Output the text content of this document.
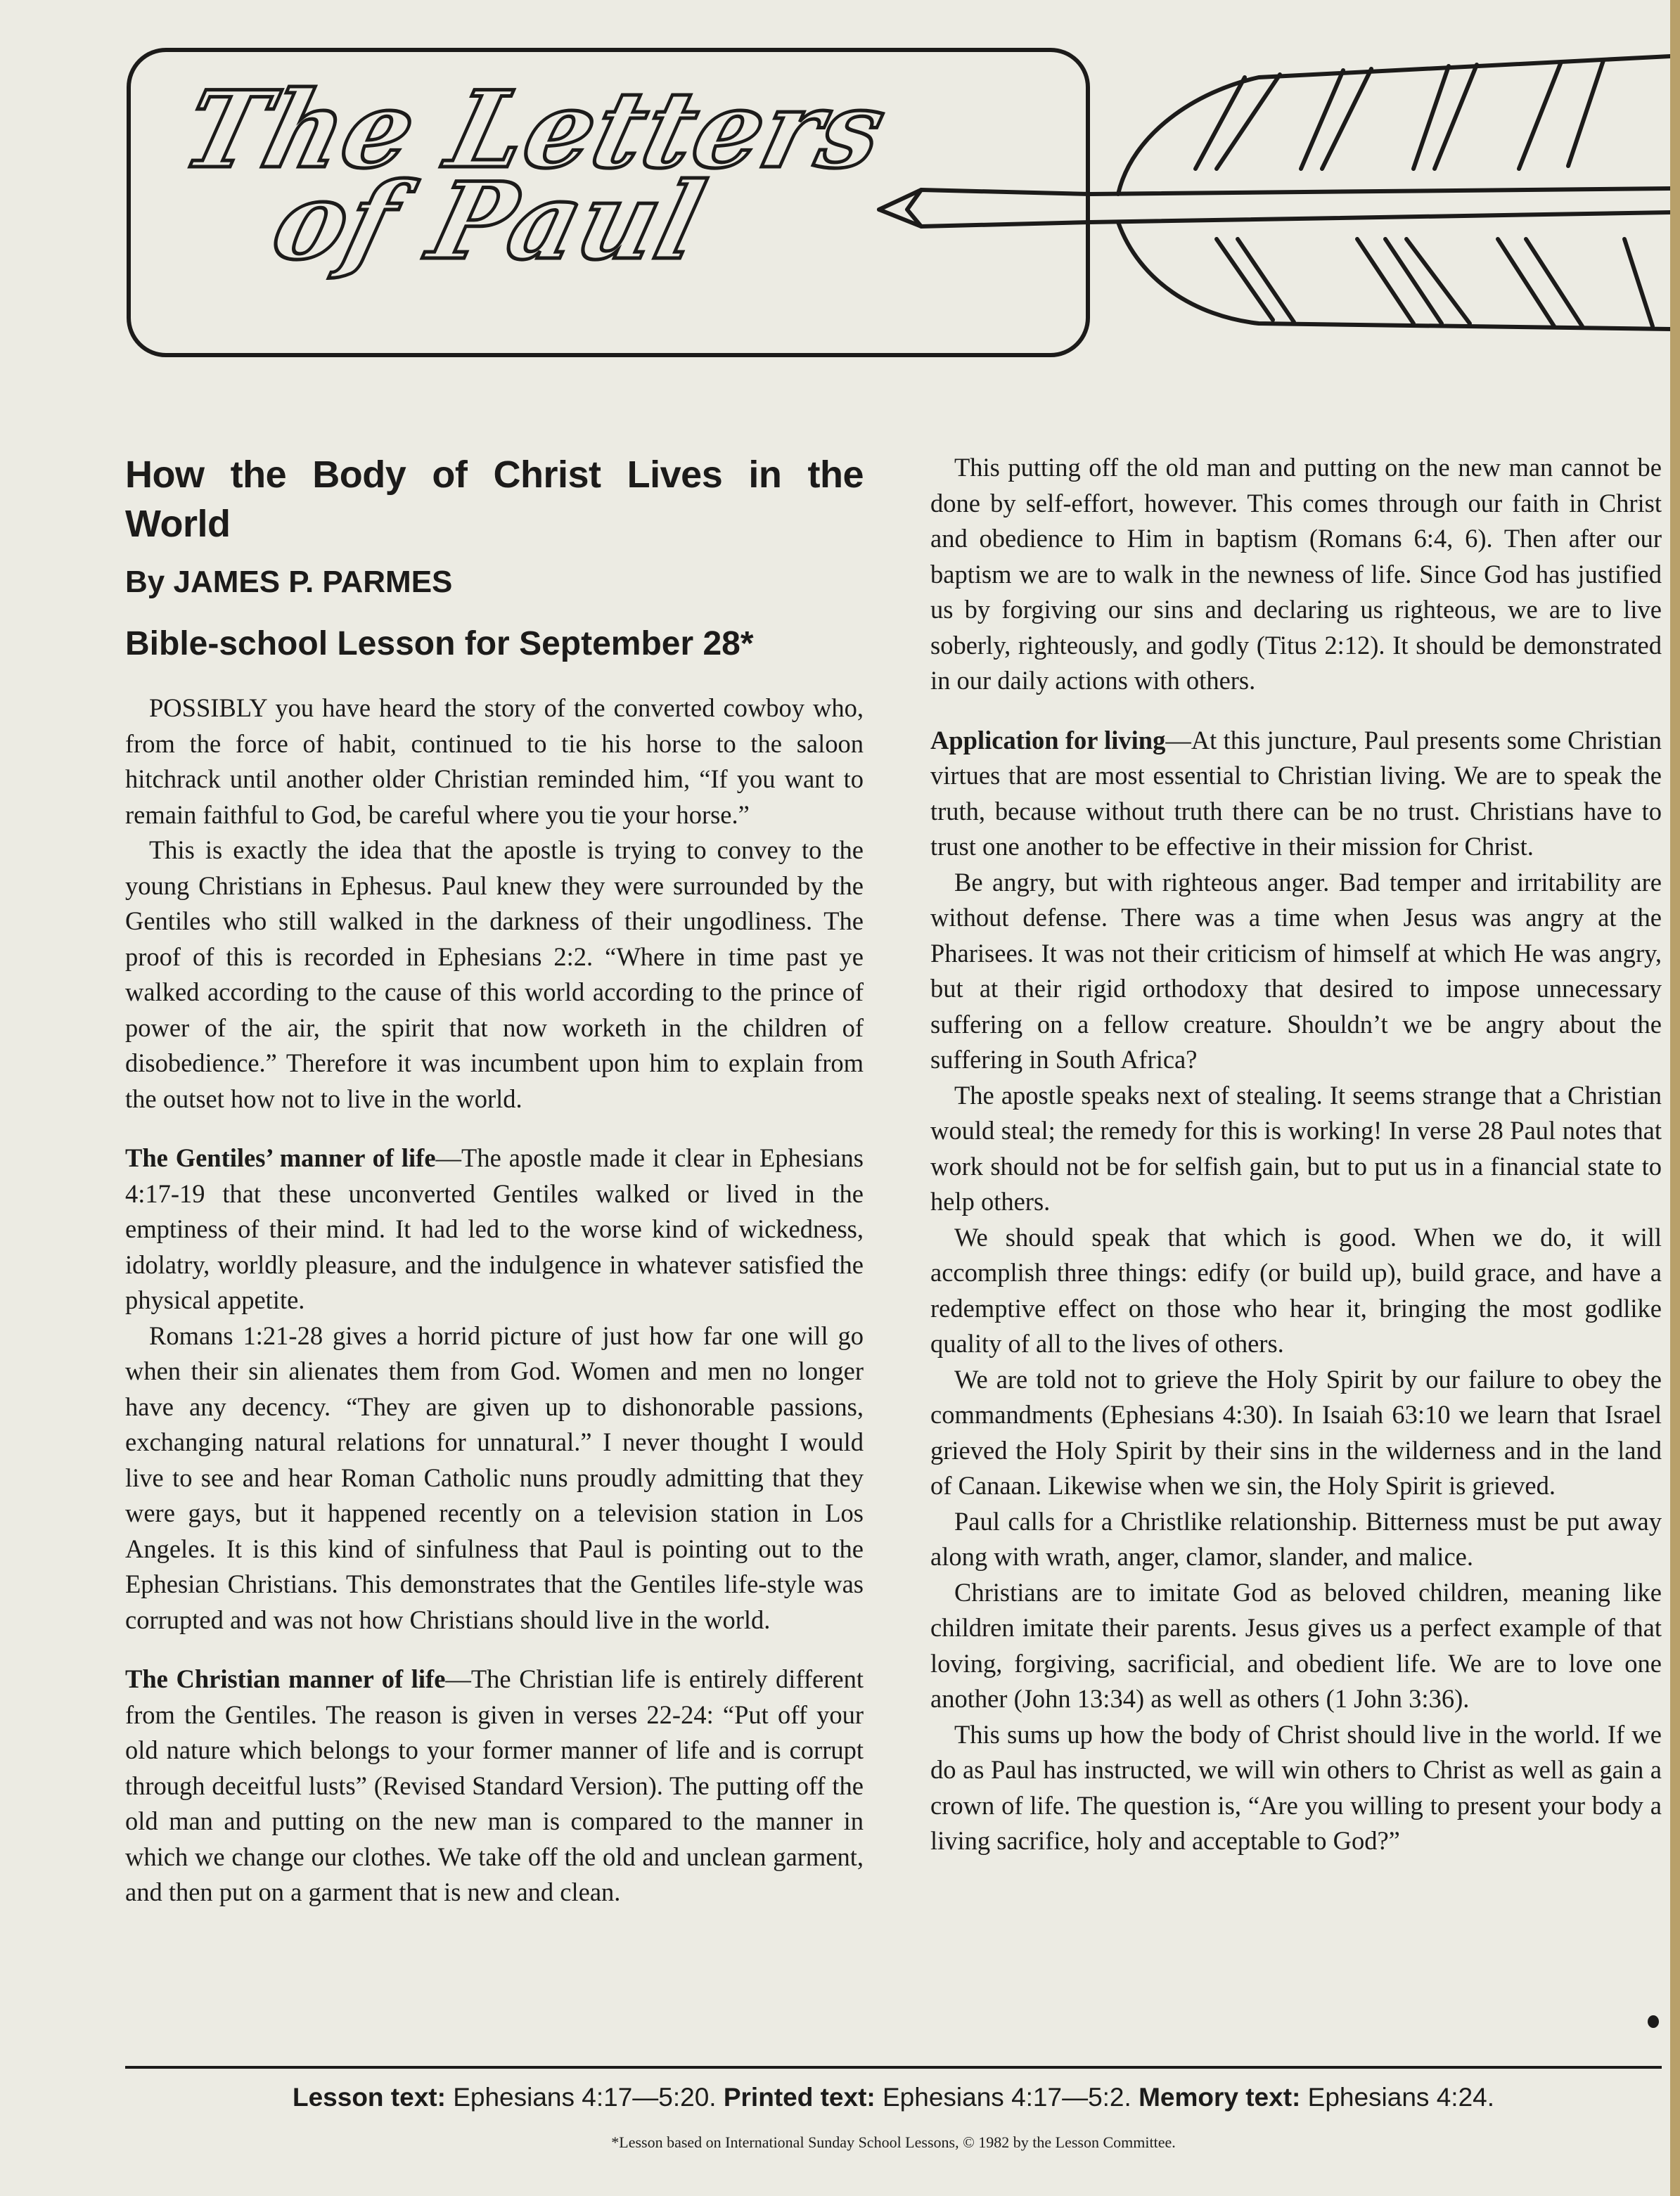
The Letters
of Paul
How the Body of Christ Lives in the World
By JAMES P. PARMES
Bible-school Lesson for September 28*

POSSIBLY you have heard the story of the converted cowboy who, from the force of habit, continued to tie his horse to the saloon hitchrack until another older Christian reminded him, “If you want to remain faithful to God, be careful where you tie your horse.”

This is exactly the idea that the apostle is trying to convey to the young Christians in Ephesus. Paul knew they were surrounded by the Gentiles who still walked in the darkness of their ungodliness. The proof of this is recorded in Ephesians 2:2. “Where in time past ye walked according to the cause of this world according to the prince of power of the air, the spirit that now worketh in the children of disobedience.” Therefore it was incumbent upon him to explain from the outset how not to live in the world.

The Gentiles’ manner of life—The apostle made it clear in Ephesians 4:17-19 that these unconverted Gentiles walked or lived in the emptiness of their mind. It had led to the worse kind of wickedness, idolatry, worldly pleasure, and the indulgence in whatever satisfied the physical appetite.

Romans 1:21-28 gives a horrid picture of just how far one will go when their sin alienates them from God. Women and men no longer have any decency. “They are given up to dishonorable passions, exchanging natural relations for unnatural.” I never thought I would live to see and hear Roman Catholic nuns proudly admitting that they were gays, but it happened recently on a television station in Los Angeles. It is this kind of sinfulness that Paul is pointing out to the Ephesian Christians. This demonstrates that the Gentiles life-style was corrupted and was not how Christians should live in the world.

The Christian manner of life—The Christian life is entirely different from the Gentiles. The reason is given in verses 22-24: “Put off your old nature which belongs to your former manner of life and is corrupt through deceitful lusts” (Revised Standard Version). The putting off the old man and putting on the new man is compared to the manner in which we change our clothes. We take off the old and unclean garment, and then put on a garment that is new and clean.

This putting off the old man and putting on the new man cannot be done by self-effort, however. This comes through our faith in Christ and obedience to Him in baptism (Romans 6:4, 6). Then after our baptism we are to walk in the newness of life. Since God has justified us by forgiving our sins and declaring us righteous, we are to live soberly, righteously, and godly (Titus 2:12). It should be demonstrated in our daily actions with others.

Application for living—At this juncture, Paul presents some Christian virtues that are most essential to Christian living. We are to speak the truth, because without truth there can be no trust. Christians have to trust one another to be effective in their mission for Christ.

Be angry, but with righteous anger. Bad temper and irritability are without defense. There was a time when Jesus was angry at the Pharisees. It was not their criticism of himself at which He was angry, but at their rigid orthodoxy that desired to impose unnecessary suffering on a fellow creature. Shouldn’t we be angry about the suffering in South Africa?

The apostle speaks next of stealing. It seems strange that a Christian would steal; the remedy for this is working! In verse 28 Paul notes that work should not be for selfish gain, but to put us in a financial state to help others.

We should speak that which is good. When we do, it will accomplish three things: edify (or build up), build grace, and have a redemptive effect on those who hear it, bringing the most godlike quality of all to the lives of others.

We are told not to grieve the Holy Spirit by our failure to obey the commandments (Ephesians 4:30). In Isaiah 63:10 we learn that Israel grieved the Holy Spirit by their sins in the wilderness and in the land of Canaan. Likewise when we sin, the Holy Spirit is grieved.

Paul calls for a Christlike relationship. Bitterness must be put away along with wrath, anger, clamor, slander, and malice.

Christians are to imitate God as beloved children, meaning like children imitate their parents. Jesus gives us a perfect example of that loving, forgiving, sacrificial, and obedient life. We are to love one another (John 13:34) as well as others (1 John 3:36).

This sums up how the body of Christ should live in the world. If we do as Paul has instructed, we will win others to Christ as well as gain a crown of life. The question is, “Are you willing to present your body a living sacrifice, holy and acceptable to God?”

Lesson text: Ephesians 4:17—5:20. Printed text: Ephesians 4:17—5:2. Memory text: Ephesians 4:24.
*Lesson based on International Sunday School Lessons, © 1982 by the Lesson Committee.
